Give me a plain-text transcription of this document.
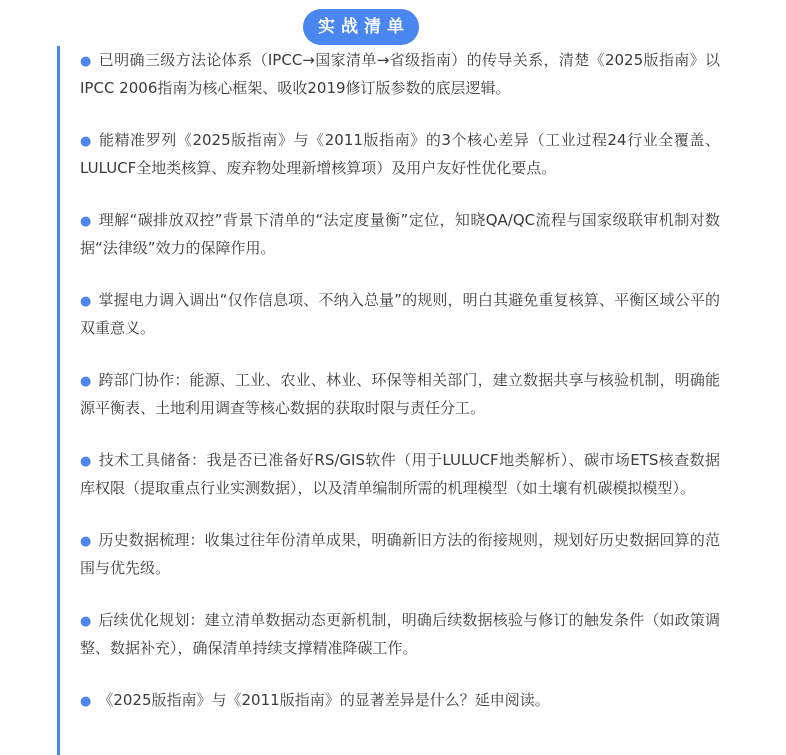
实战清单
● 已明确三级方法论体系（IPCC→国家清单→省级指南）的传导关系，清楚《2025版指南》以IPCC 2006指南为核心框架、吸收2019修订版参数的底层逻辑。
● 能精准罗列《2025版指南》与《2011版指南》的3个核心差异（工业过程24行业全覆盖、LULUCF全地类核算、废弃物处理新增核算项）及用户友好性优化要点。
● 理解“碳排放双控”背景下清单的“法定度量衡”定位，知晓QA/QC流程与国家级联审机制对数据“法律级”效力的保障作用。
● 掌握电力调入调出“仅作信息项、不纳入总量”的规则，明白其避免重复核算、平衡区域公平的双重意义。
● 跨部门协作：能源、工业、农业、林业、环保等相关部门，建立数据共享与核验机制，明确能源平衡表、土地利用调查等核心数据的获取时限与责任分工。
● 技术工具储备：我是否已准备好RS/GIS软件（用于LULUCF地类解析）、碳市场ETS核查数据库权限（提取重点行业实测数据），以及清单编制所需的机理模型（如土壤有机碳模拟模型）。
● 历史数据梳理：收集过往年份清单成果，明确新旧方法的衔接规则，规划好历史数据回算的范围与优先级。
● 后续优化规划：建立清单数据动态更新机制，明确后续数据核验与修订的触发条件（如政策调整、数据补充），确保清单持续支撑精准降碳工作。
● 《2025版指南》与《2011版指南》的显著差异是什么？延申阅读。
